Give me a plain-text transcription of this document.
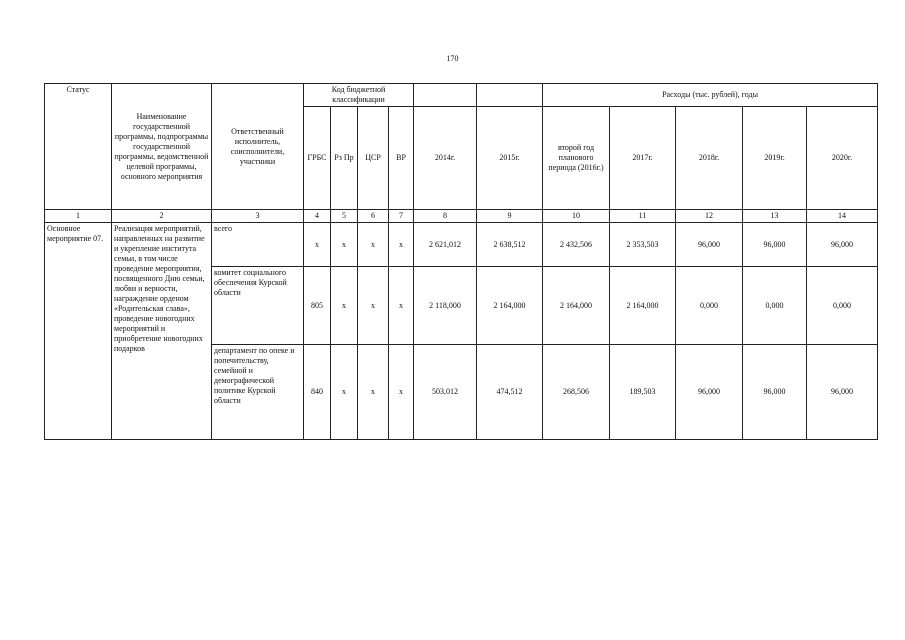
170
Статус	Наименование государственной программы, подпрограммы государственной программы, ведомственной целевой программы, основного мероприятия	Ответственный исполнитель, соисполнители, участники	Код бюджетной классификации						Расходы (тыс. рублей), годы				
			ГРБС	Рз Пр	ЦСР	ВР	2014г.	2015г.	второй год планового периода (2016г.)	2017г.	2018г.	2019г.	2020г.
1	2	3	4	5	6	7	8	9	10	11	12	13	14
Основное мероприятие 07.	Реализация мероприятий, направленных на развитие и укрепление института семьи, в том числе проведение мероприятия, посвященного Дню семьи, любви и верности, награждение орденом «Родительская слава», проведение новогодних мероприятий и приобретение новогодних подарков	всего	х	х	х	х	2 621,012	2 638,512	2 432,506	2 353,503	96,000	96,000	96,000
		комитет социального обеспечения Курской области	805	х	х	х	2 118,000	2 164,000	2 164,000	2 164,000	0,000	0,000	0,000
		департамент по опеке и попечительству, семейной и демографической политике Курской области	840	х	х	х	503,012	474,512	268,506	189,503	96,000	96,000	96,000
